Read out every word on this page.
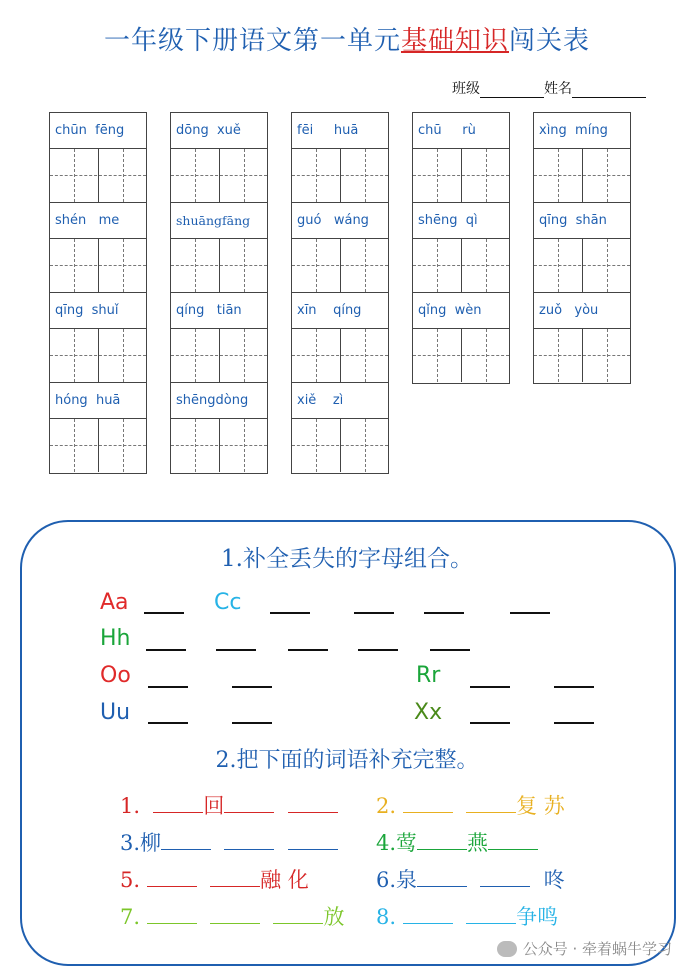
一年级下册语文第一单元基础知识闯关表
班级	姓名
chūn  fēng
shén   me
qīng  shuǐ
hóng  huā
dōng  xuě
shuāngfāng
qíng   tiān
shēngdòng
fēi     huā
guó   wáng
xīn    qíng
xiě    zì
chū     rù
shēng  qì
qǐng  wèn
xìng  míng
qīng  shān
zuǒ   yòu
1.补全丢失的字母组合。
Aa	Cc
Hh
Oo	Rr
Uu	Xx
2.把下面的词语补充完整。
1.	回	2.	复 苏
3.柳	4.莺 燕
5.	融 化	6.泉	咚
7.	放 8.	争鸣
公众号 · 牵着蜗牛学习
